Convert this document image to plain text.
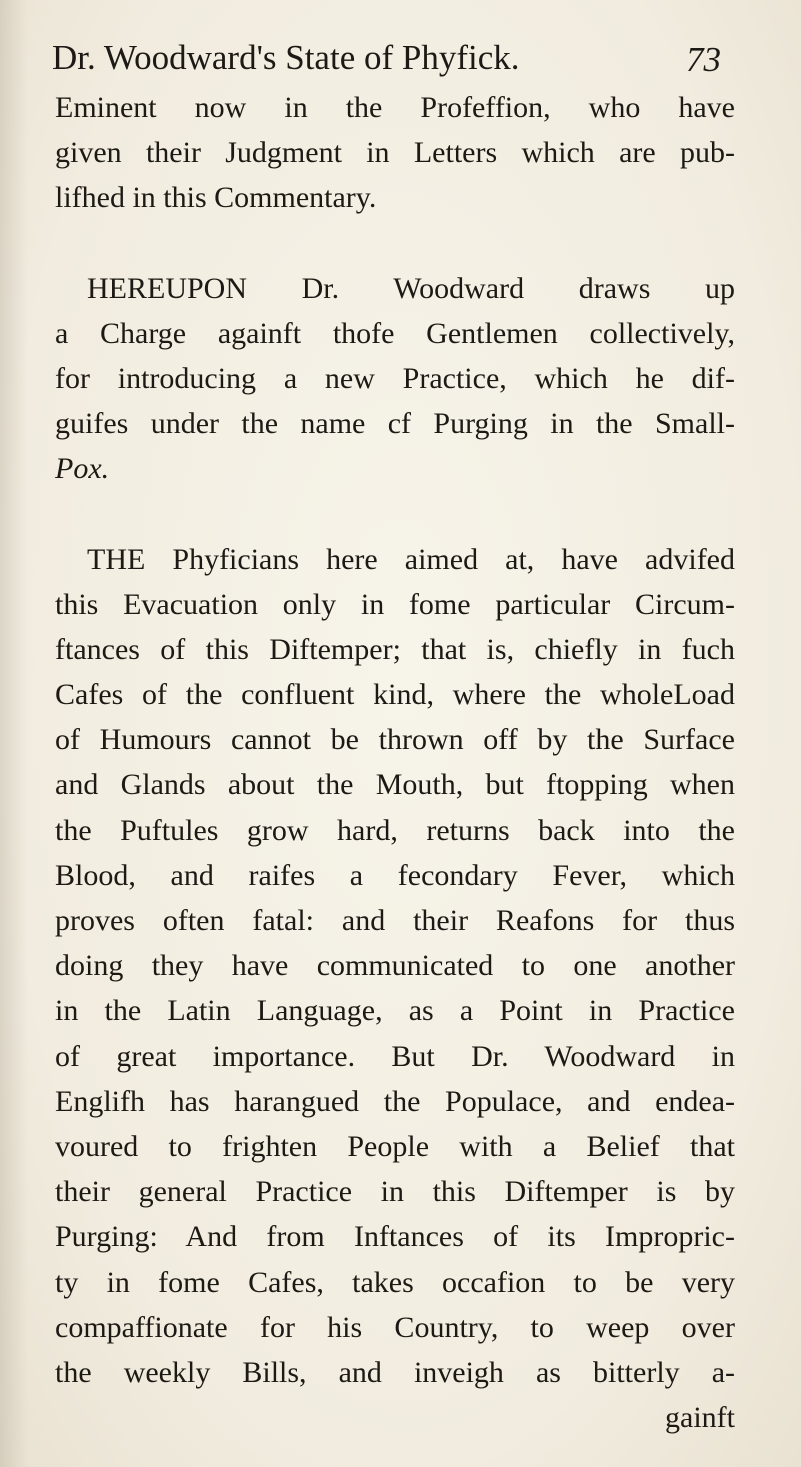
Dr. Woodward's State of Phyfick.	73
Eminent now in the Profeffion, who have
given their Judgment in Letters which are pub-
lifhed in this Commentary.
HEREUPON Dr. Woodward draws up
a Charge againft thofe Gentlemen collectively,
for introducing a new Practice, which he dif-
guifes under the name cf Purging in the Small-
Pox.
THE Phyficians here aimed at, have advifed
this Evacuation only in fome particular Circum-
ftances of this Diftemper; that is, chiefly in fuch
Cafes of the confluent kind, where the wholeLoad
of Humours cannot be thrown off by the Surface
and Glands about the Mouth, but ftopping when
the Puftules grow hard, returns back into the
Blood, and raifes a fecondary Fever, which
proves often fatal: and their Reafons for thus
doing they have communicated to one another
in the Latin Language, as a Point in Practice
of great importance. But Dr. Woodward in
Englifh has harangued the Populace, and endea-
voured to frighten People with a Belief that
their general Practice in this Diftemper is by
Purging: And from Inftances of its Impropric-
ty in fome Cafes, takes occafion to be very
compaffionate for his Country, to weep over
the weekly Bills, and inveigh as bitterly a-
gainft
